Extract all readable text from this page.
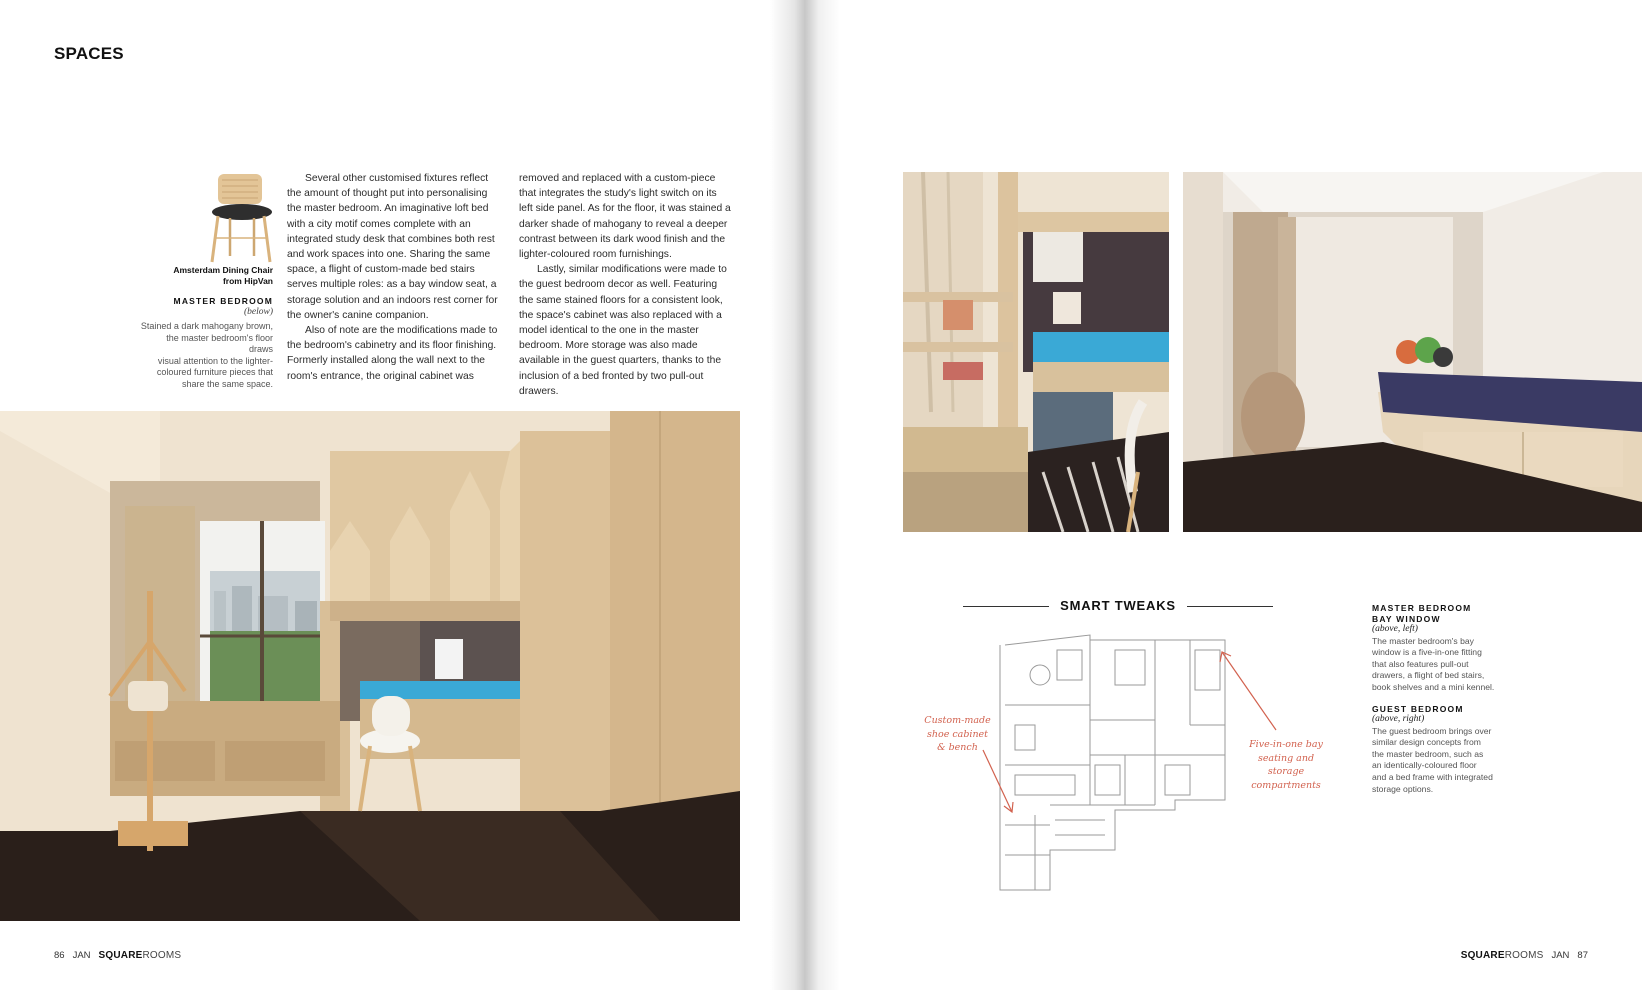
SPACES
Amsterdam Dining Chair
from HipVan
MASTER BEDROOM
(below)
Stained a dark mahogany brown,
the master bedroom's floor draws
visual attention to the lighter-
coloured furniture pieces that
share the same space.

Several other customised fixtures reflect the amount of thought put into personalising the master bedroom. An imaginative loft bed with a city motif comes complete with an integrated study desk that combines both rest and work spaces into one. Sharing the same space, a flight of custom-made bed stairs serves multiple roles: as a bay window seat, a storage solution and an indoors rest corner for the owner's canine companion.

Also of note are the modifications made to the bedroom's cabinetry and its floor finishing. Formerly installed along the wall next to the room's entrance, the original cabinet was

removed and replaced with a custom-piece that integrates the study's light switch on its left side panel. As for the floor, it was stained a darker shade of mahogany to reveal a deeper contrast between its dark wood finish and the lighter-coloured room furnishings.

Lastly, similar modifications were made to the guest bedroom decor as well. Featuring the same stained floors for a consistent look, the space's cabinet was also replaced with a model identical to the one in the master bedroom. More storage was also made available in the guest quarters, thanks to the inclusion of a bed fronted by two pull-out drawers.

86 JAN SQUAREROOMS	SQUAREROOMS JAN 87
SMART TWEAKS
Custom-made
shoe cabinet
& bench	Five-in-one bay
seating and storage
compartments
MASTER BEDROOM
BAY WINDOW
(above, left)
The master bedroom's bay
window is a five-in-one fitting
that also features pull-out
drawers, a flight of bed stairs,
book shelves and a mini kennel.
GUEST BEDROOM
(above, right)
The guest bedroom brings over
similar design concepts from
the master bedroom, such as
an identically-coloured floor
and a bed frame with integrated
storage options.
